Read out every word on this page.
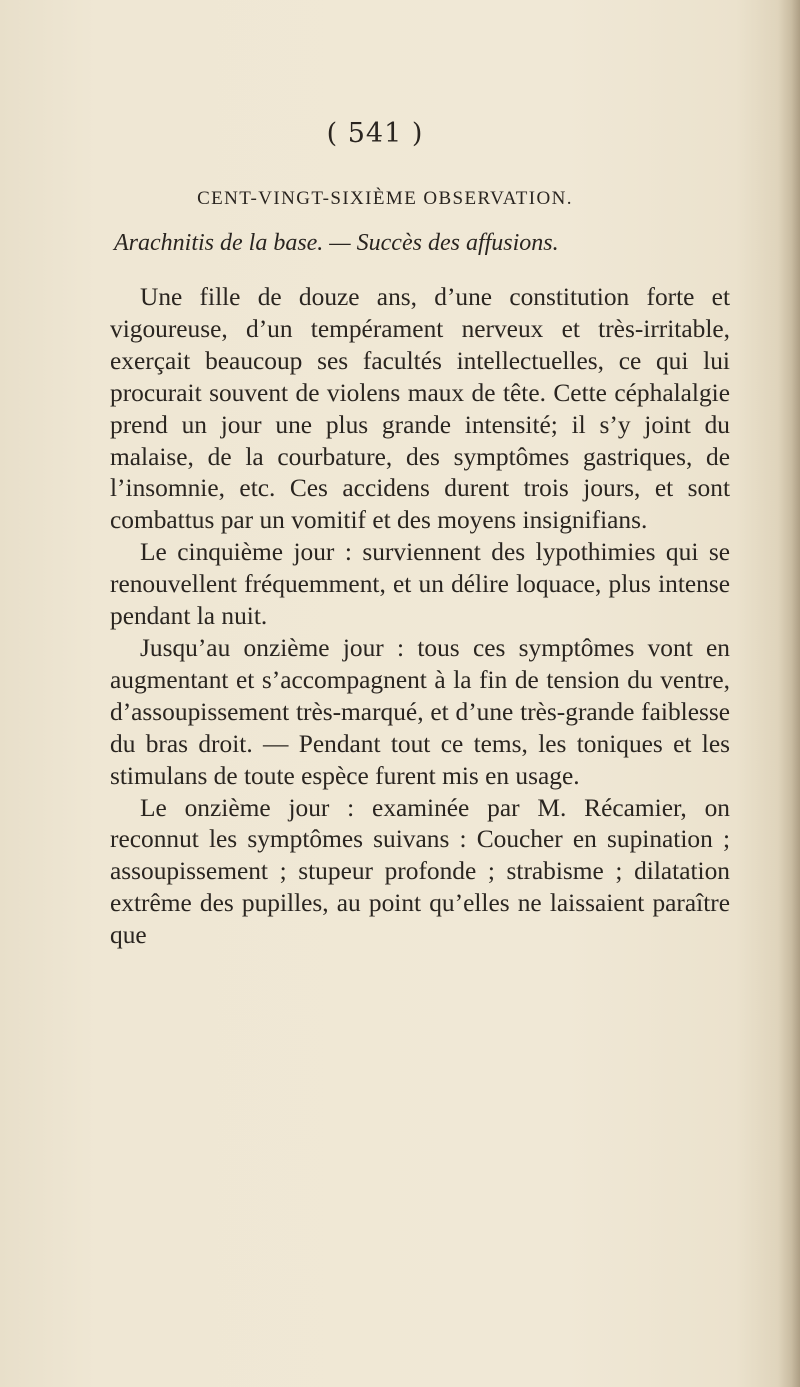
( 541 )
CENT-VINGT-SIXIÈME OBSERVATION.
Arachnitis de la base. — Succès des affusions.

Une fille de douze ans, d’une constitution forte et vigoureuse, d’un tempérament nerveux et très-irritable, exerçait beaucoup ses facultés intellectuelles, ce qui lui procurait souvent de violens maux de tête. Cette céphalalgie prend un jour une plus grande intensité; il s’y joint du malaise, de la courbature, des symptômes gastriques, de l’insomnie, etc. Ces accidens durent trois jours, et sont combattus par un vomitif et des moyens insignifians.

Le cinquième jour : surviennent des lypothimies qui se renouvellent fréquemment, et un délire loquace, plus intense pendant la nuit.

Jusqu’au onzième jour : tous ces symptômes vont en augmentant et s’accompagnent à la fin de tension du ventre, d’assoupissement très-marqué, et d’une très-grande faiblesse du bras droit. — Pendant tout ce tems, les toniques et les stimulans de toute espèce furent mis en usage.

Le onzième jour : examinée par M. Récamier, on reconnut les symptômes suivans : Coucher en supination ; assoupissement ; stupeur profonde ; strabisme ; dilatation extrême des pupilles, au point qu’elles ne laissaient paraître que
